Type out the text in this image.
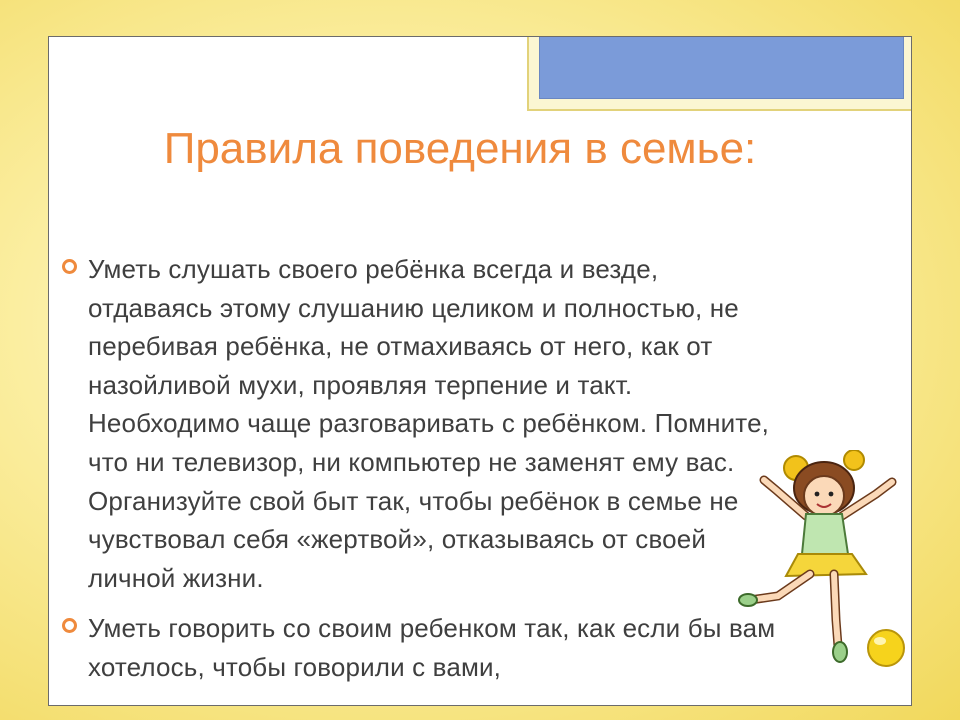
Правила поведения в семье:
Уметь слушать своего ребёнка всегда и везде, отдаваясь этому слушанию целиком и полностью, не перебивая ребёнка, не отмахиваясь от него, как от назойливой мухи, проявляя терпение и такт. Необходимо чаще разговаривать с ребёнком. Помните, что ни телевизор, ни компьютер не заменят ему вас. Организуйте свой быт так, чтобы ребёнок в семье не чувствовал себя «жертвой», отказываясь от своей личной жизни.
Уметь говорить со своим ребенком так, как если бы вам хотелось, чтобы говорили с вами,
